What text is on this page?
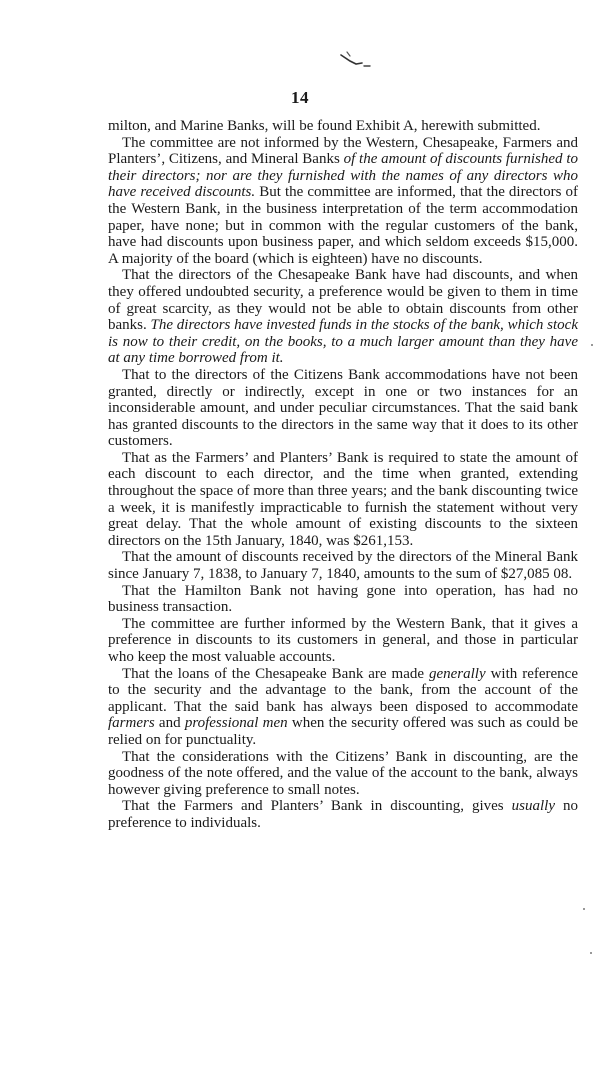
14

milton, and Marine Banks, will be found Exhibit A, herewith submitted.

The committee are not informed by the Western, Chesapeake, Farmers and Planters’, Citizens, and Mineral Banks of the amount of discounts furnished to their directors; nor are they furnished with the names of any directors who have received discounts. But the committee are informed, that the directors of the Western Bank, in the business interpretation of the term accommodation paper, have none; but in common with the regular customers of the bank, have had discounts upon business paper, and which seldom exceeds $15,000. A majority of the board (which is eighteen) have no discounts.

That the directors of the Chesapeake Bank have had discounts, and when they offered undoubted security, a preference would be given to them in time of great scarcity, as they would not be able to obtain discounts from other banks. The directors have invested funds in the stocks of the bank, which stock is now to their credit, on the books, to a much larger amount than they have at any time borrowed from it.

That to the directors of the Citizens Bank accommodations have not been granted, directly or indirectly, except in one or two instances for an inconsiderable amount, and under peculiar circumstances. That the said bank has granted discounts to the directors in the same way that it does to its other customers.

That as the Farmers’ and Planters’ Bank is required to state the amount of each discount to each director, and the time when granted, extending throughout the space of more than three years; and the bank discounting twice a week, it is manifestly impracticable to furnish the statement without very great delay. That the whole amount of existing discounts to the sixteen directors on the 15th January, 1840, was $261,153.

That the amount of discounts received by the directors of the Mineral Bank since January 7, 1838, to January 7, 1840, amounts to the sum of $27,085 08.

That the Hamilton Bank not having gone into operation, has had no business transaction.

The committee are further informed by the Western Bank, that it gives a preference in discounts to its customers in general, and those in particular who keep the most valuable accounts.

That the loans of the Chesapeake Bank are made generally with reference to the security and the advantage to the bank, from the account of the applicant. That the said bank has always been disposed to accommodate farmers and professional men when the security offered was such as could be relied on for punctuality.

That the considerations with the Citizens’ Bank in discounting, are the goodness of the note offered, and the value of the account to the bank, always however giving preference to small notes.

That the Farmers and Planters’ Bank in discounting, gives usually no preference to individuals.
